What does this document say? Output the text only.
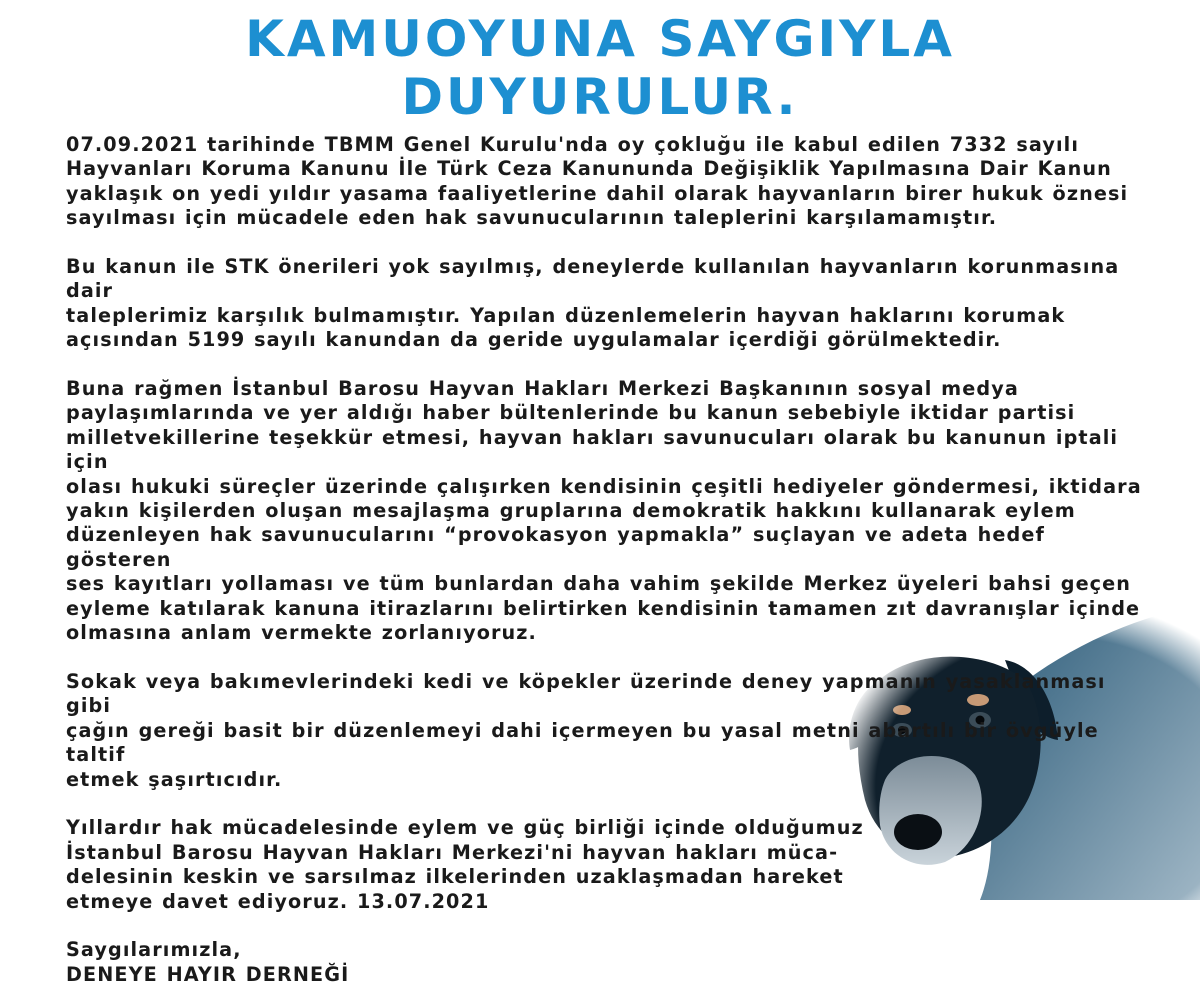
KAMUOYUNA SAYGIYLA
DUYURULUR.

07.09.2021 tarihinde TBMM Genel Kurulu'nda oy çokluğu ile kabul edilen 7332 sayılı
Hayvanları Koruma Kanunu İle Türk Ceza Kanununda Değişiklik Yapılmasına Dair Kanun
yaklaşık on yedi yıldır yasama faaliyetlerine dahil olarak hayvanların birer hukuk öznesi
sayılması için mücadele eden hak savunucularının taleplerini karşılamamıştır.

Bu kanun ile STK önerileri yok sayılmış, deneylerde kullanılan hayvanların korunmasına dair
taleplerimiz karşılık bulmamıştır. Yapılan düzenlemelerin hayvan haklarını korumak
açısından 5199 sayılı kanundan da geride uygulamalar içerdiği görülmektedir.

Buna rağmen İstanbul Barosu Hayvan Hakları Merkezi Başkanının sosyal medya
paylaşımlarında ve yer aldığı haber bültenlerinde bu kanun sebebiyle iktidar partisi
milletvekillerine teşekkür etmesi, hayvan hakları savunucuları olarak bu kanunun iptali için
olası hukuki süreçler üzerinde çalışırken kendisinin çeşitli hediyeler göndermesi, iktidara
yakın kişilerden oluşan mesajlaşma gruplarına demokratik hakkını kullanarak eylem
düzenleyen hak savunucularını “provokasyon yapmakla” suçlayan ve adeta hedef gösteren
ses kayıtları yollaması ve tüm bunlardan daha vahim şekilde Merkez üyeleri bahsi geçen
eyleme katılarak kanuna itirazlarını belirtirken kendisinin tamamen zıt davranışlar içinde
olmasına anlam vermekte zorlanıyoruz.

Sokak veya bakımevlerindeki kedi ve köpekler üzerinde deney yapmanın yasaklanması gibi
çağın gereği basit bir düzenlemeyi dahi içermeyen bu yasal metni abartılı bir övgüyle taltif
etmek şaşırtıcıdır.

Yıllardır hak mücadelesinde eylem ve güç birliği içinde olduğumuz
İstanbul Barosu Hayvan Hakları Merkezi'ni hayvan hakları müca-
delesinin keskin ve sarsılmaz ilkelerinden uzaklaşmadan hareket
etmeye davet ediyoruz. 13.07.2021

Saygılarımızla,

DENEYE HAYIR DERNEĞİ
